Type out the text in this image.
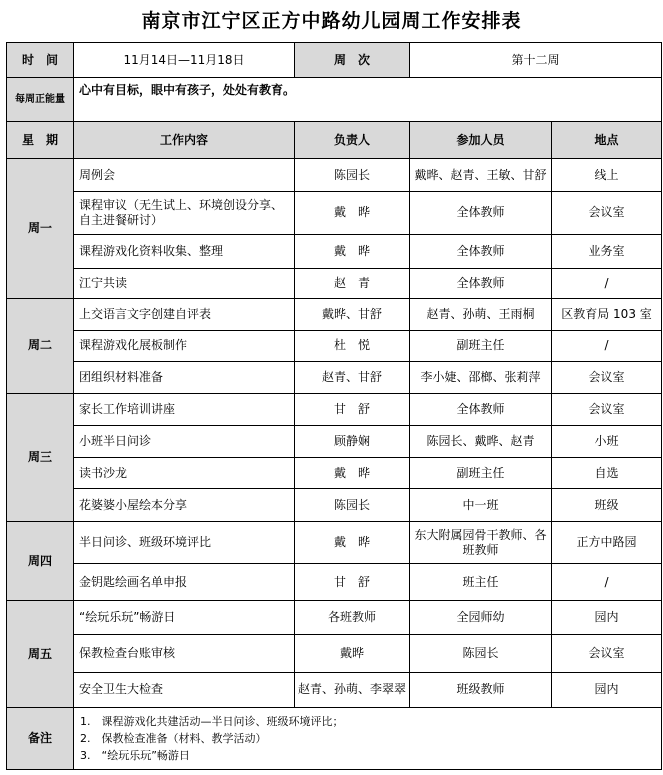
南京市江宁区正方中路幼儿园周工作安排表
时　间	11月14日—11月18日	周　次	第十二周	
每周正能量	心中有目标，眼中有孩子，处处有教育。			
星　期	工作内容	负责人	参加人员	地点
周一	周例会	陈园长	戴晔、赵青、王敏、甘舒	线上
	课程审议（无生试上、环境创设分享、自主进餐研讨）	戴　晔	全体教师	会议室
	课程游戏化资料收集、整理	戴　晔	全体教师	业务室
	江宁共读	赵　青	全体教师	/
周二	上交语言文字创建自评表	戴晔、甘舒	赵青、孙萌、王雨桐	区教育局 103 室
	课程游戏化展板制作	杜　悦	副班主任	/
	团组织材料准备	赵青、甘舒	李小婕、邵榔、张莉萍	会议室
周三	家长工作培训讲座	甘　舒	全体教师	会议室
	小班半日问诊	顾静娴	陈园长、戴晔、赵青	小班
	读书沙龙	戴　晔	副班主任	自选
	花婆婆小屋绘本分享	陈园长	中一班	班级
周四	半日问诊、班级环境评比	戴　晔	东大附属园骨干教师、各班教师	正方中路园
	金钥匙绘画名单申报	甘　舒	班主任	/
周五	“绘玩乐玩”畅游日	各班教师	全园师幼	园内
	保教检查台账审核	戴晔	陈园长	会议室
	安全卫生大检查	赵青、孙萌、李翠翠	班级教师	园内
备注	1.　课程游戏化共建活动—半日问诊、班级环境评比；
2.　保教检查准备（材料、教学活动）
3.　“绘玩乐玩”畅游日			
